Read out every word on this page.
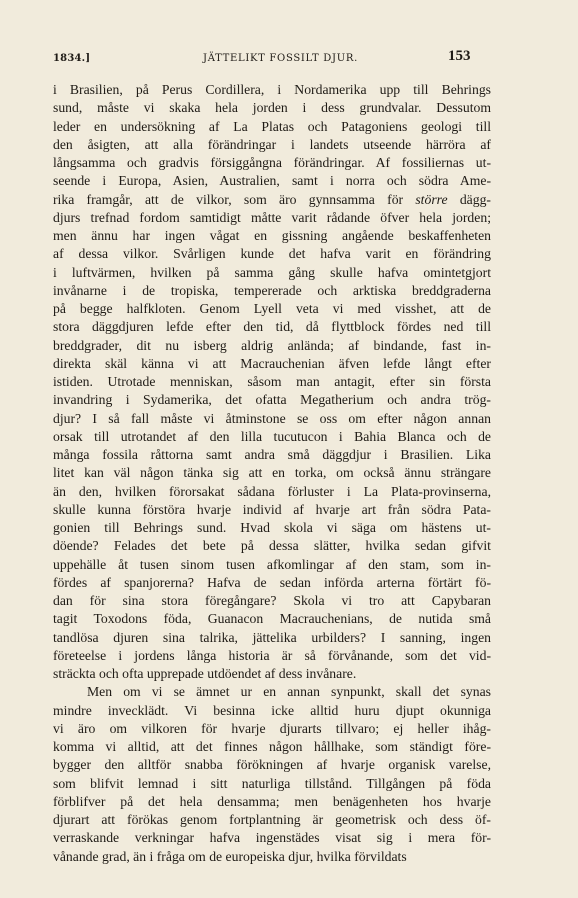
1834.]	JÄTTELIKT FOSSILT DJUR.	153
i Brasilien, på Perus Cordillera, i Nordamerika upp till Behrings
sund, måste vi skaka hela jorden i dess grundvalar. Dessutom
leder en undersökning af La Platas och Patagoniens geologi till
den åsigten, att alla förändringar i landets utseende härröra af
långsamma och gradvis försiggångna förändringar. Af fossiliernas ut-
seende i Europa, Asien, Australien, samt i norra och södra Ame-
rika framgår, att de vilkor, som äro gynnsamma för större dägg-
djurs trefnad fordom samtidigt måtte varit rådande öfver hela jorden;
men ännu har ingen vågat en gissning angående beskaffenheten
af dessa vilkor. Svårligen kunde det hafva varit en förändring
i luftvärmen, hvilken på samma gång skulle hafva omintetgjort
invånarne i de tropiska, tempererade och arktiska breddgraderna
på begge halfkloten. Genom Lyell veta vi med visshet, att de
stora däggdjuren lefde efter den tid, då flyttblock fördes ned till
breddgrader, dit nu isberg aldrig anlända; af bindande, fast in-
direkta skäl känna vi att Macrauchenian äfven lefde långt efter
istiden. Utrotade menniskan, såsom man antagit, efter sin första
invandring i Sydamerika, det ofatta Megatherium och andra trög-
djur? I så fall måste vi åtminstone se oss om efter någon annan
orsak till utrotandet af den lilla tucutucon i Bahia Blanca och de
många fossila råttorna samt andra små däggdjur i Brasilien. Lika
litet kan väl någon tänka sig att en torka, om också ännu strängare
än den, hvilken förorsakat sådana förluster i La Plata-provinserna,
skulle kunna förstöra hvarje individ af hvarje art från södra Pata-
gonien till Behrings sund. Hvad skola vi säga om hästens ut-
döende? Felades det bete på dessa slätter, hvilka sedan gifvit
uppehälle åt tusen sinom tusen afkomlingar af den stam, som in-
fördes af spanjorerna? Hafva de sedan införda arterna förtärt fö-
dan för sina stora föregångare? Skola vi tro att Capybaran
tagit Toxodons föda, Guanacon Macrauchenians, de nutida små
tandlösa djuren sina talrika, jättelika urbilders? I sanning, ingen
företeelse i jordens långa historia är så förvånande, som det vid-
sträckta och ofta upprepade utdöendet af dess invånare.
Men om vi se ämnet ur en annan synpunkt, skall det synas
mindre invecklädt. Vi besinna icke alltid huru djupt okunniga
vi äro om vilkoren för hvarje djurarts tillvaro; ej heller ihåg-
komma vi alltid, att det finnes någon hållhake, som ständigt före-
bygger den alltför snabba förökningen af hvarje organisk varelse,
som blifvit lemnad i sitt naturliga tillstånd. Tillgången på föda
förblifver på det hela densamma; men benägenheten hos hvarje
djurart att förökas genom fortplantning är geometrisk och dess öf-
verraskande verkningar hafva ingenstädes visat sig i mera för-
vånande grad, än i fråga om de europeiska djur, hvilka förvildats
